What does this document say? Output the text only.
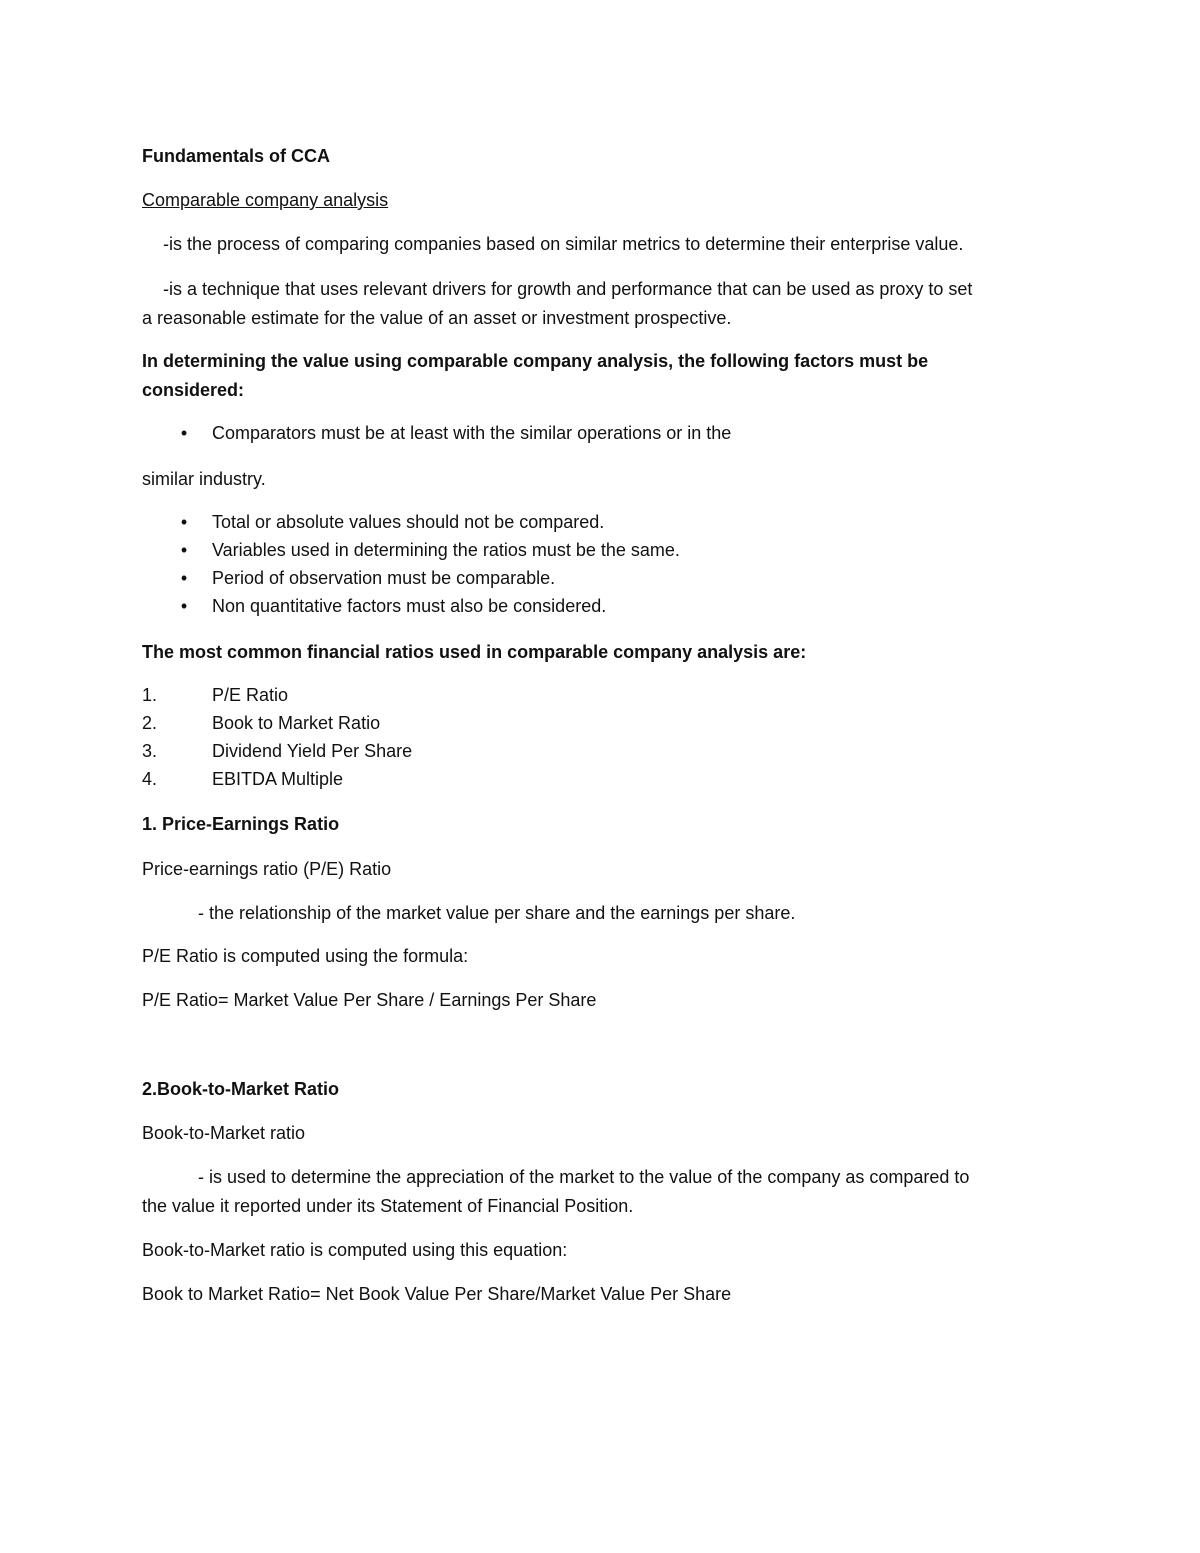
Fundamentals of CCA
Comparable company analysis
-is the process of comparing companies based on similar metrics to determine their enterprise value.
-is a technique that uses relevant drivers for growth and performance that can be used as proxy to set
a reasonable estimate for the value of an asset or investment prospective.
In determining the value using comparable company analysis, the following factors must be
considered:
•	Comparators must be at least with the similar operations or in the
similar industry.
•	Total or absolute values should not be compared.
•	Variables used in determining the ratios must be the same.
•	Period of observation must be comparable.
•	Non quantitative factors must also be considered.
The most common financial ratios used in comparable company analysis are:
1.	P/E Ratio
2.	Book to Market Ratio
3.	Dividend Yield Per Share
4.	EBITDA Multiple
1. Price-Earnings Ratio
Price-earnings ratio (P/E) Ratio
- the relationship of the market value per share and the earnings per share.
P/E Ratio is computed using the formula:
P/E Ratio= Market Value Per Share / Earnings Per Share
2.Book-to-Market Ratio
Book-to-Market ratio
- is used to determine the appreciation of the market to the value of the company as compared to
the value it reported under its Statement of Financial Position.
Book-to-Market ratio is computed using this equation:
Book to Market Ratio= Net Book Value Per Share/Market Value Per Share
